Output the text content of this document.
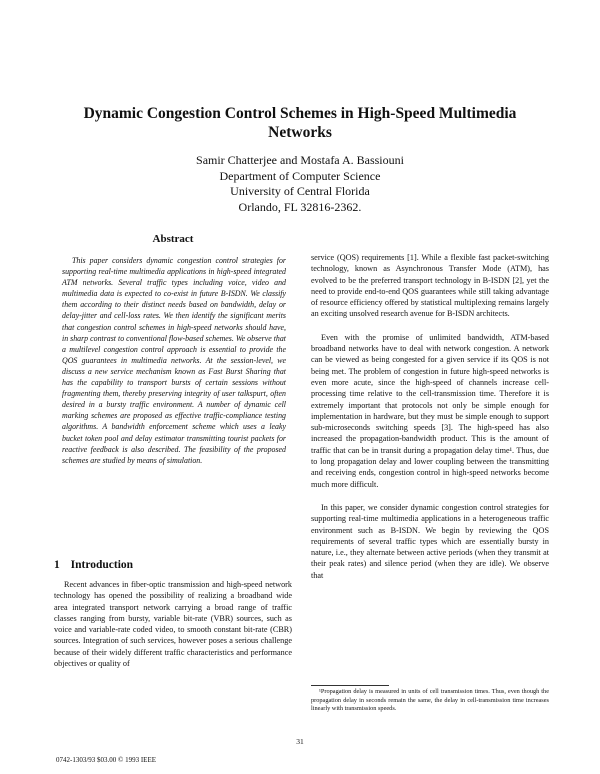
Dynamic Congestion Control Schemes in High-Speed Multimedia
Networks
Samir Chatterjee and Mostafa A. Bassiouni
Department of Computer Science
University of Central Florida
Orlando, FL 32816-2362.
Abstract

This paper considers dynamic congestion control strategies for supporting real-time multimedia applications in high-speed integrated ATM networks. Several traffic types including voice, video and multimedia data is expected to co-exist in future B-ISDN. We classify them according to their distinct needs based on bandwidth, delay or delay-jitter and cell-loss rates. We then identify the significant merits that congestion control schemes in high-speed networks should have, in sharp contrast to conventional flow-based schemes. We observe that a multilevel congestion control approach is essential to provide the QOS guarantees in multimedia networks. At the session-level, we discuss a new service mechanism known as Fast Burst Sharing that has the capability to transport bursts of certain sessions without fragmenting them, thereby preserving integrity of user talkspurt, often desired in a bursty traffic environment. A number of dynamic cell marking schemes are proposed as effective traffic-compliance testing algorithms. A bandwidth enforcement scheme which uses a leaky bucket token pool and delay estimator transmitting tourist packets for reactive feedback is also described. The feasibility of the proposed schemes are studied by means of simulation.

1 Introduction

Recent advances in fiber-optic transmission and high-speed network technology has opened the possibility of realizing a broadband wide area integrated transport network carrying a broad range of traffic classes ranging from bursty, variable bit-rate (VBR) sources, such as voice and variable-rate coded video, to smooth constant bit-rate (CBR) sources. Integration of such services, however poses a serious challenge because of their widely different traffic characteristics and performance objectives or quality of

service (QOS) requirements [1]. While a flexible fast packet-switching technology, known as Asynchronous Transfer Mode (ATM), has evolved to be the preferred transport technology in B-ISDN [2], yet the need to provide end-to-end QOS guarantees while still taking advantage of resource efficiency offered by statistical multiplexing remains largely an exciting unsolved research avenue for B-ISDN architects.

Even with the promise of unlimited bandwidth, ATM-based broadband networks have to deal with network congestion. A network can be viewed as being congested for a given service if its QOS is not being met. The problem of congestion in future high-speed networks is even more acute, since the high-speed of channels increase cell-processing time relative to the cell-transmission time. Therefore it is extremely important that protocols not only be simple enough for implementation in hardware, but they must be simple enough to support sub-microseconds switching speeds [3]. The high-speed has also increased the propagation-bandwidth product. This is the amount of traffic that can be in transit during a propagation delay time¹. Thus, due to long propagation delay and lower coupling between the transmitting and receiving ends, congestion control in high-speed networks become much more difficult.

In this paper, we consider dynamic congestion control strategies for supporting real-time multimedia applications in a heterogeneous traffic environment such as B-ISDN. We begin by reviewing the QOS requirements of several traffic types which are essentially bursty in nature, i.e., they alternate between active periods (when they transmit at their peak rates) and silence period (when they are idle). We observe that

¹Propagation delay is measured in units of cell transmission times. Thus, even though the propagation delay in seconds remain the same, the delay in cell-transmission time increases linearly with transmission speeds.

31
0742-1303/93 $03.00 © 1993 IEEE
